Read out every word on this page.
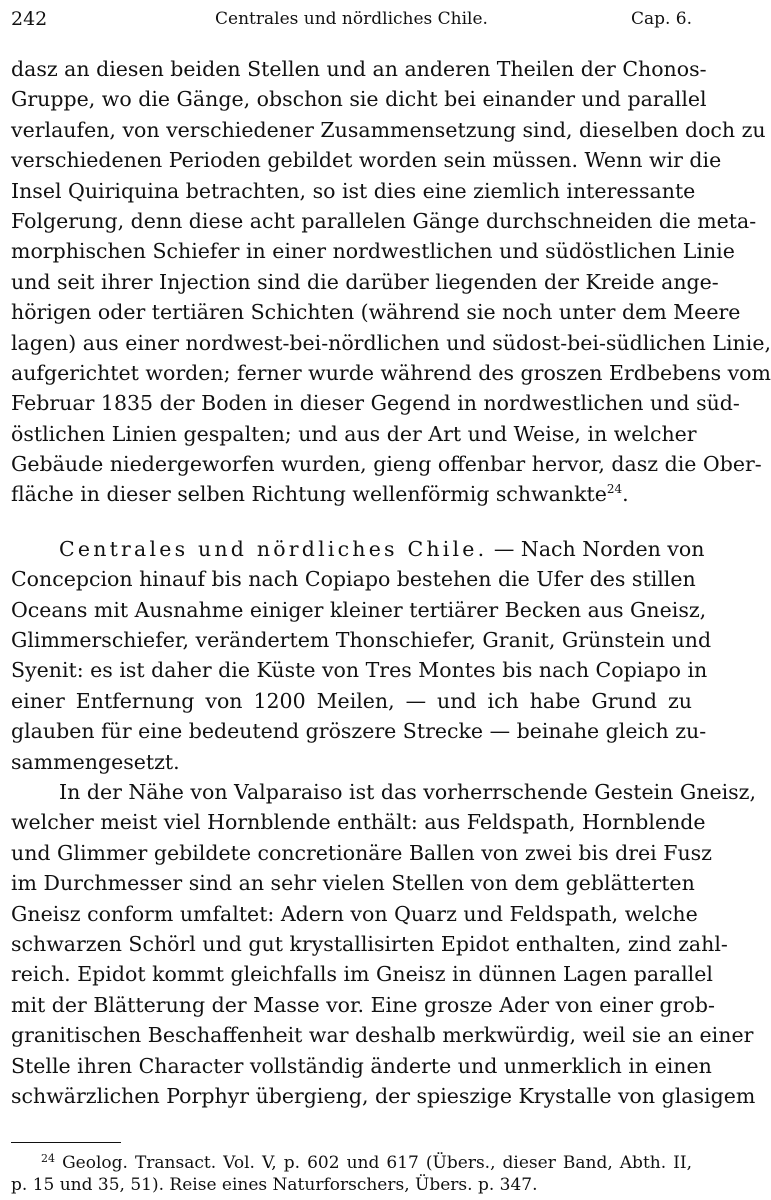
242	Centrales und nördliches Chile.	Cap. 6.
dasz an diesen beiden Stellen und an anderen Theilen der Chonos-
Gruppe, wo die Gänge, obschon sie dicht bei einander und parallel
verlaufen, von verschiedener Zusammensetzung sind, dieselben doch zu
verschiedenen Perioden gebildet worden sein müssen. Wenn wir die
Insel Quiriquina betrachten, so ist dies eine ziemlich interessante
Folgerung, denn diese acht parallelen Gänge durchschneiden die meta-
morphischen Schiefer in einer nordwestlichen und südöstlichen Linie
und seit ihrer Injection sind die darüber liegenden der Kreide ange-
hörigen oder tertiären Schichten (während sie noch unter dem Meere
lagen) aus einer nordwest-bei-nördlichen und südost-bei-südlichen Linie,
aufgerichtet worden; ferner wurde während des groszen Erdbebens vom
Februar 1835 der Boden in dieser Gegend in nordwestlichen und süd-
östlichen Linien gespalten; und aus der Art und Weise, in welcher
Gebäude niedergeworfen wurden, gieng offenbar hervor, dasz die Ober-
fläche in dieser selben Richtung wellenförmig schwankte$^{24}$.
Centrales und nördliches Chile. — Nach Norden von
Concepcion hinauf bis nach Copiapo bestehen die Ufer des stillen
Oceans mit Ausnahme einiger kleiner tertiärer Becken aus Gneisz,
Glimmerschiefer, verändertem Thonschiefer, Granit, Grünstein und
Syenit: es ist daher die Küste von Tres Montes bis nach Copiapo in
einer Entfernung von 1200 Meilen, — und ich habe Grund zu
glauben für eine bedeutend gröszere Strecke — beinahe gleich zu-
sammengesetzt.
In der Nähe von Valparaiso ist das vorherrschende Gestein Gneisz,
welcher meist viel Hornblende enthält: aus Feldspath, Hornblende
und Glimmer gebildete concretionäre Ballen von zwei bis drei Fusz
im Durchmesser sind an sehr vielen Stellen von dem geblätterten
Gneisz conform umfaltet: Adern von Quarz und Feldspath, welche
schwarzen Schörl und gut krystallisirten Epidot enthalten, zind zahl-
reich. Epidot kommt gleichfalls im Gneisz in dünnen Lagen parallel
mit der Blätterung der Masse vor. Eine grosze Ader von einer grob-
granitischen Beschaffenheit war deshalb merkwürdig, weil sie an einer
Stelle ihren Character vollständig änderte und unmerklich in einen
schwärzlichen Porphyr übergieng, der spieszige Krystalle von glasigem
$^{24}$ Geolog. Transact. Vol. V, p. 602 und 617 (Übers., dieser Band, Abth. II,
p. 15 und 35, 51). Reise eines Naturforschers, Übers. p. 347.
